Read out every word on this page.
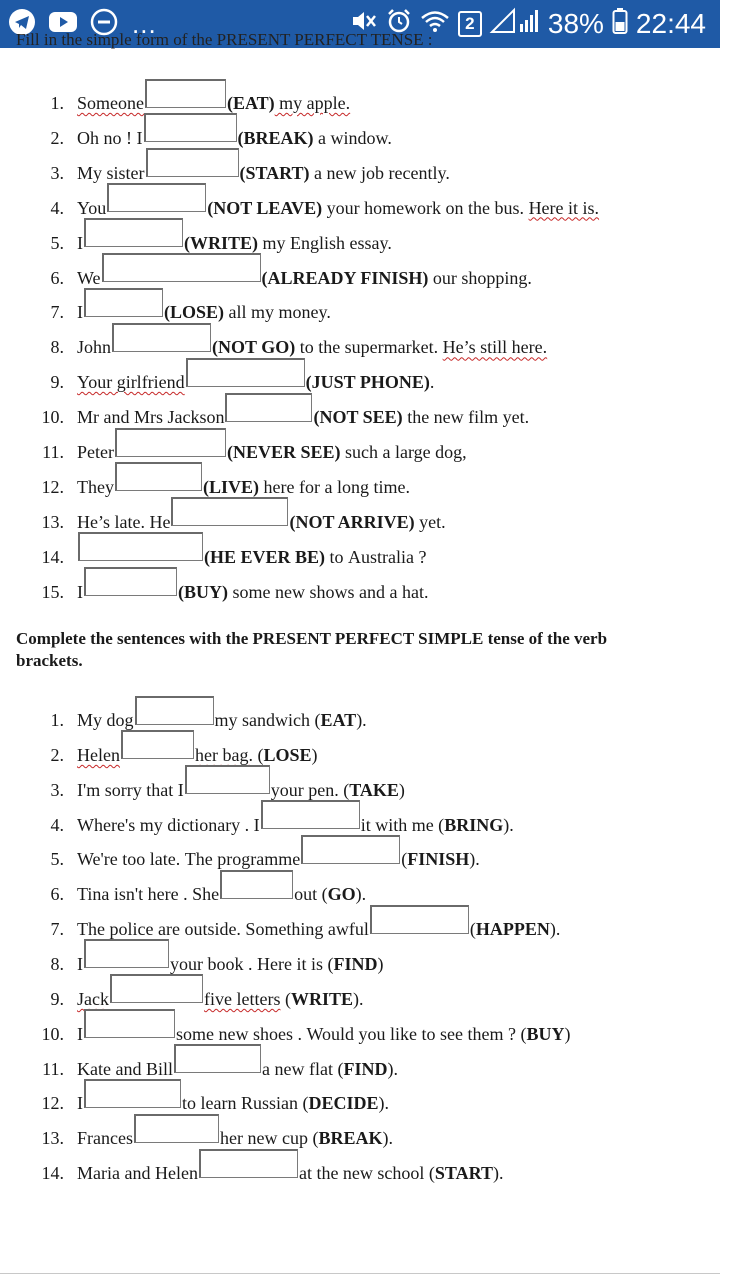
...	2	38% 22:44
Fill in the simple form of the PRESENT PERFECT TENSE :
1. Someone	(EAT) my apple.
2. Oh no ! I	(BREAK) a window.
3. My sister	(START) a new job recently.
4. You	(NOT LEAVE) your homework on the bus. Here it is.
5. I	(WRITE) my English essay.
6. We	(ALREADY FINISH) our shopping.
7. I	(LOSE) all my money.
8. John	(NOT GO) to the supermarket. He’s still here.
9. Your girlfriend	(JUST PHONE) .
10. Mr and Mrs Jackson	(NOT SEE) the new film yet.
11. Peter	(NEVER SEE) such a large dog,
12. They	(LIVE) here for a long time.
13. He’s late. He	(NOT ARRIVE) yet.
14.	(HE EVER BE) to Australia ?
15. I	(BUY) some new shows and a hat.
Complete the sentences with the PRESENT PERFECT SIMPLE tense of the verb
brackets.
1. My dog	my sandwich ( EAT ).
2. Helen	her bag. ( LOSE )
3. I'm sorry that I	your pen. ( TAKE )
4. Where's my dictionary . I	it with me ( BRING ).
5. We're too late. The programme	( FINISH ).
6. Tina isn't here . She	out ( GO ).
7. The police are outside. Something awful	( HAPPEN ).
8. I	your book . Here it is ( FIND )
9. Jack	five letters ( WRITE ).
10. I	some new shoes . Would you like to see them ? ( BUY )
11. Kate and Bill	a new flat ( FIND ).
12. I	to learn Russian ( DECIDE ).
13. Frances	her new cup ( BREAK ).
14. Maria and Helen	at the new school ( START ).
